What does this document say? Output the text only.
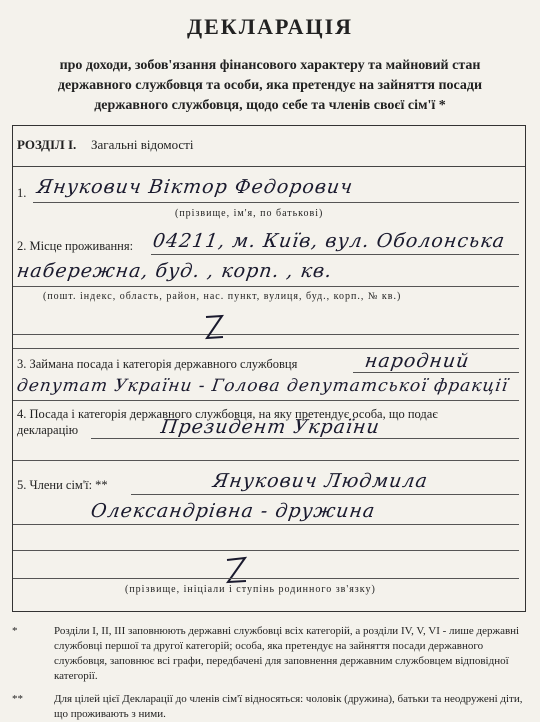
ДЕКЛАРАЦІЯ
про доходи, зобов'язання фінансового характеру та майновий стан державного службовця та особи, яка претендує на зайняття посади державного службовця, щодо себе та членів своєї сім'ї *
РОЗДІЛ І. Загальні відомості
1. Янукович Віктор Федорович
(прізвище, ім'я, по батькові)
2. Місце проживання: 04211, м. Київ, вул. Оболонська
набережна, буд. , корп. , кв.
(пошт. індекс, область, район, нас. пункт, вулиця, буд., корп., № кв.)
3. Займана посада і категорія державного службовця	народний
депутат України - Голова депутатської фракції
4. Посада і категорія державного службовця, на яку претендує особа, що подає
декларацію	Президент України
5. Члени сім'ї: **	Янукович Людмила
Олександрівна - дружина
(прізвище, ініціали і ступінь родинного зв'язку)
*	Розділи І, ІІ, ІІІ заповнюють державні службовці всіх категорій, а розділи IV, V, VI - лише державні службовці першої та другої категорій; особа, яка претендує на зайняття посади державного службовця, заповнює всі графи, передбачені для заповнення державним службовцем відповідної категорії.
**	Для цілей цієї Декларації до членів сім'ї відносяться: чоловік (дружина), батьки та неодружені діти, що проживають з ними.
